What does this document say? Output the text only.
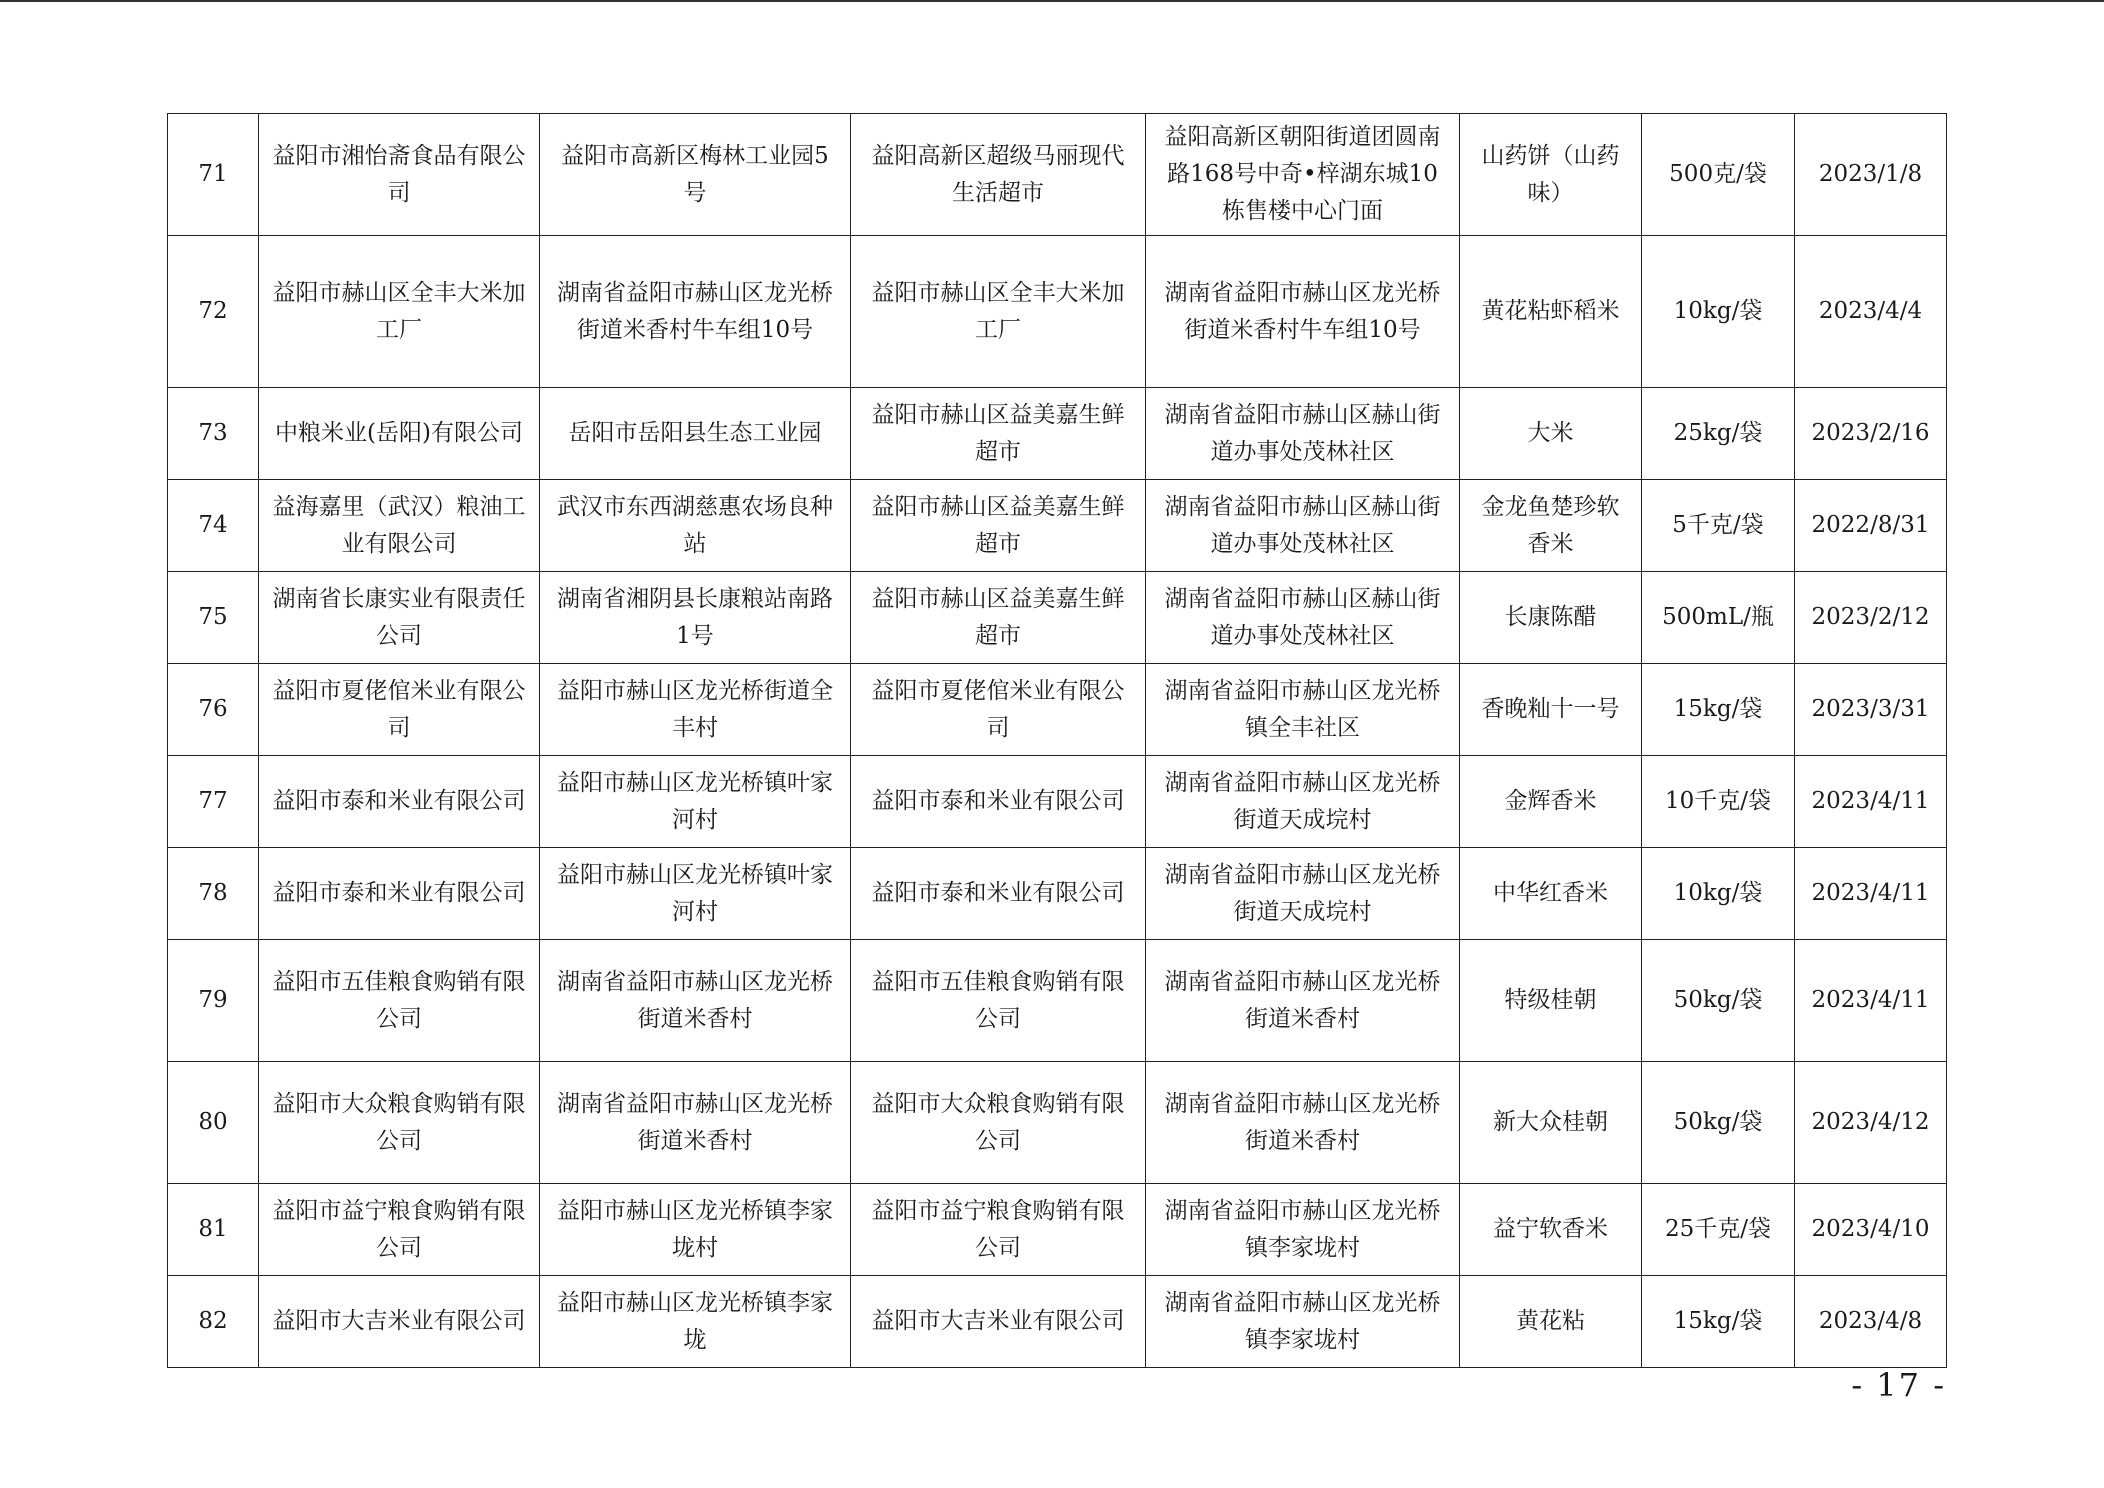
71	益阳市湘怡斋食品有限公司	益阳市高新区梅林工业园5号	益阳高新区超级马丽现代生活超市	益阳高新区朝阳街道团圆南路168号中奇•梓湖东城10栋售楼中心门面	山药饼（山药味）	500克/袋	2023/1/8
72	益阳市赫山区全丰大米加工厂	湖南省益阳市赫山区龙光桥街道米香村牛车组10号	益阳市赫山区全丰大米加工厂	湖南省益阳市赫山区龙光桥街道米香村牛车组10号	黄花粘虾稻米	10kg/袋	2023/4/4
73	中粮米业(岳阳)有限公司	岳阳市岳阳县生态工业园	益阳市赫山区益美嘉生鲜超市	湖南省益阳市赫山区赫山街道办事处茂林社区	大米	25kg/袋	2023/2/16
74	益海嘉里（武汉）粮油工业有限公司	武汉市东西湖慈惠农场良种站	益阳市赫山区益美嘉生鲜超市	湖南省益阳市赫山区赫山街道办事处茂林社区	金龙鱼楚珍软香米	5千克/袋	2022/8/31
75	湖南省长康实业有限责任公司	湖南省湘阴县长康粮站南路1号	益阳市赫山区益美嘉生鲜超市	湖南省益阳市赫山区赫山街道办事处茂林社区	长康陈醋	500mL/瓶	2023/2/12
76	益阳市夏佬倌米业有限公司	益阳市赫山区龙光桥街道全丰村	益阳市夏佬倌米业有限公司	湖南省益阳市赫山区龙光桥镇全丰社区	香晚籼十一号	15kg/袋	2023/3/31
77	益阳市泰和米业有限公司	益阳市赫山区龙光桥镇叶家河村	益阳市泰和米业有限公司	湖南省益阳市赫山区龙光桥街道天成垸村	金辉香米	10千克/袋	2023/4/11
78	益阳市泰和米业有限公司	益阳市赫山区龙光桥镇叶家河村	益阳市泰和米业有限公司	湖南省益阳市赫山区龙光桥街道天成垸村	中华红香米	10kg/袋	2023/4/11
79	益阳市五佳粮食购销有限公司	湖南省益阳市赫山区龙光桥街道米香村	益阳市五佳粮食购销有限公司	湖南省益阳市赫山区龙光桥街道米香村	特级桂朝	50kg/袋	2023/4/11
80	益阳市大众粮食购销有限公司	湖南省益阳市赫山区龙光桥街道米香村	益阳市大众粮食购销有限公司	湖南省益阳市赫山区龙光桥街道米香村	新大众桂朝	50kg/袋	2023/4/12
81	益阳市益宁粮食购销有限公司	益阳市赫山区龙光桥镇李家垅村	益阳市益宁粮食购销有限公司	湖南省益阳市赫山区龙光桥镇李家垅村	益宁软香米	25千克/袋	2023/4/10
82	益阳市大吉米业有限公司	益阳市赫山区龙光桥镇李家垅	益阳市大吉米业有限公司	湖南省益阳市赫山区龙光桥镇李家垅村	黄花粘	15kg/袋	2023/4/8
- 17 -
